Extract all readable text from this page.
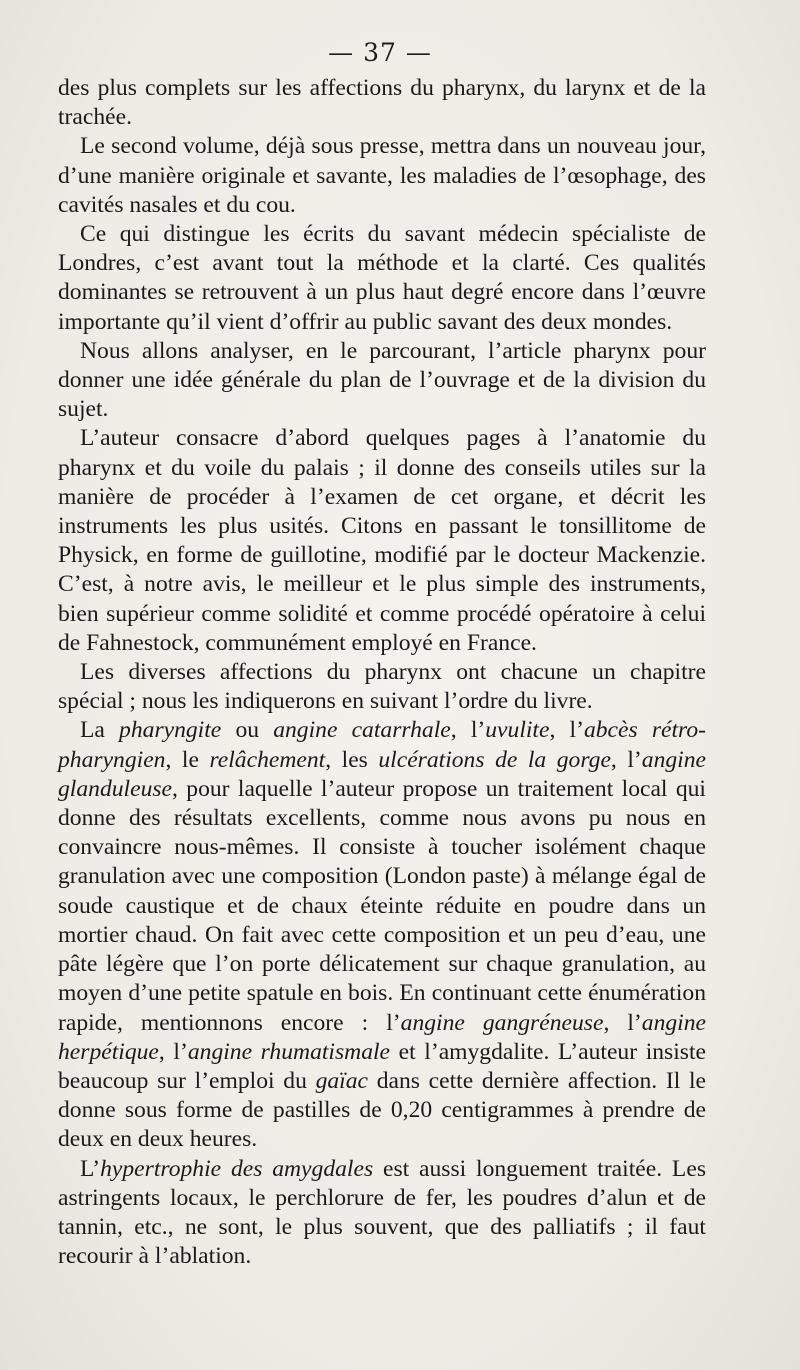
— 37 —

des plus complets sur les affections du pharynx, du larynx et de la trachée.

Le second volume, déjà sous presse, mettra dans un nouveau jour, d’une manière originale et savante, les maladies de l’œsophage, des cavités nasales et du cou.

Ce qui distingue les écrits du savant médecin spécialiste de Londres, c’est avant tout la méthode et la clarté. Ces qualités dominantes se retrouvent à un plus haut degré encore dans l’œuvre importante qu’il vient d’offrir au public savant des deux mondes.

Nous allons analyser, en le parcourant, l’article pharynx pour donner une idée générale du plan de l’ouvrage et de la division du sujet.

L’auteur consacre d’abord quelques pages à l’anatomie du pharynx et du voile du palais ; il donne des conseils utiles sur la manière de procéder à l’examen de cet organe, et décrit les instruments les plus usités. Citons en passant le tonsillitome de Physick, en forme de guillotine, modifié par le docteur Mackenzie. C’est, à notre avis, le meilleur et le plus simple des instruments, bien supérieur comme solidité et comme procédé opératoire à celui de Fahnestock, communément employé en France.

Les diverses affections du pharynx ont chacune un chapitre spécial ; nous les indiquerons en suivant l’ordre du livre.

La pharyngite ou angine catarrhale, l’uvulite, l’abcès rétro-pharyngien, le relâchement, les ulcérations de la gorge, l’angine glanduleuse, pour laquelle l’auteur propose un traitement local qui donne des résultats excellents, comme nous avons pu nous en convaincre nous-mêmes. Il consiste à toucher isolément chaque granulation avec une composition (London paste) à mélange égal de soude caustique et de chaux éteinte réduite en poudre dans un mortier chaud. On fait avec cette composition et un peu d’eau, une pâte légère que l’on porte délicatement sur chaque granulation, au moyen d’une petite spatule en bois. En continuant cette énumération rapide, mentionnons encore : l’angine gangréneuse, l’angine herpétique, l’angine rhumatismale et l’amygdalite. L’auteur insiste beaucoup sur l’emploi du gaïac dans cette dernière affection. Il le donne sous forme de pastilles de 0,20 centigrammes à prendre de deux en deux heures.

L’hypertrophie des amygdales est aussi longuement traitée. Les astringents locaux, le perchlorure de fer, les poudres d’alun et de tannin, etc., ne sont, le plus souvent, que des palliatifs ; il faut recourir à l’ablation.
